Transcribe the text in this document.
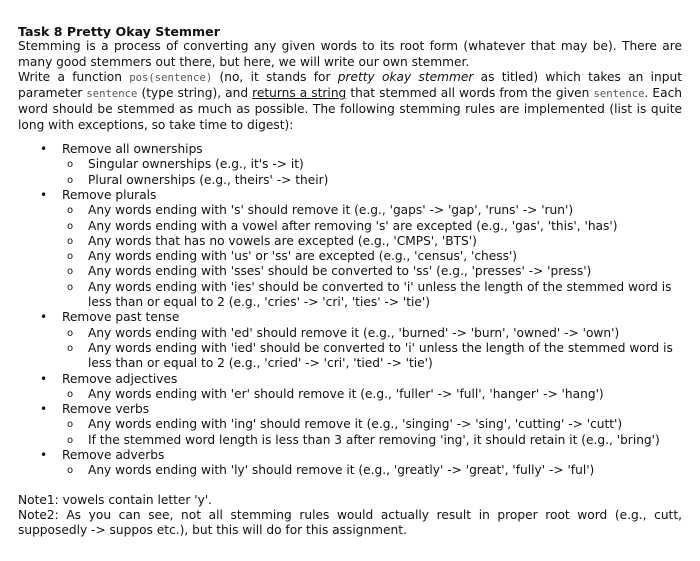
Task 8 Pretty Okay Stemmer
Stemming is a process of converting any given words to its root form (whatever that may be). There are many good stemmers out there, but here, we will write our own stemmer.
Write a function pos(sentence) (no, it stands for pretty okay stemmer as titled) which takes an input parameter sentence (type string), and returns a string that stemmed all words from the given sentence. Each word should be stemmed as much as possible. The following stemming rules are implemented (list is quite long with exceptions, so take time to digest):
• Remove all ownerships
o Singular ownerships (e.g., it's -> it)
o Plural ownerships (e.g., theirs' -> their)
• Remove plurals
o Any words ending with 's' should remove it (e.g., 'gaps' -> 'gap', 'runs' -> 'run')
o Any words ending with a vowel after removing 's' are excepted (e.g., 'gas', 'this', 'has')
o Any words that has no vowels are excepted (e.g., 'CMPS', 'BTS')
o Any words ending with 'us' or 'ss' are excepted (e.g., 'census', 'chess')
o Any words ending with 'sses' should be converted to 'ss' (e.g., 'presses' -> 'press')
o Any words ending with 'ies' should be converted to 'i' unless the length of the stemmed word is less than or equal to 2 (e.g., 'cries' -> 'cri', 'ties' -> 'tie')
• Remove past tense
o Any words ending with 'ed' should remove it (e.g., 'burned' -> 'burn', 'owned' -> 'own')
o Any words ending with 'ied' should be converted to 'i' unless the length of the stemmed word is less than or equal to 2 (e.g., 'cried' -> 'cri', 'tied' -> 'tie')
• Remove adjectives
o Any words ending with 'er' should remove it (e.g., 'fuller' -> 'full', 'hanger' -> 'hang')
• Remove verbs
o Any words ending with 'ing' should remove it (e.g., 'singing' -> 'sing', 'cutting' -> 'cutt')
o If the stemmed word length is less than 3 after removing 'ing', it should retain it (e.g., 'bring')
• Remove adverbs
o Any words ending with 'ly' should remove it (e.g., 'greatly' -> 'great', 'fully' -> 'ful')
Note1: vowels contain letter 'y'.
Note2: As you can see, not all stemming rules would actually result in proper root word (e.g., cutt, supposedly -> suppos etc.), but this will do for this assignment.
